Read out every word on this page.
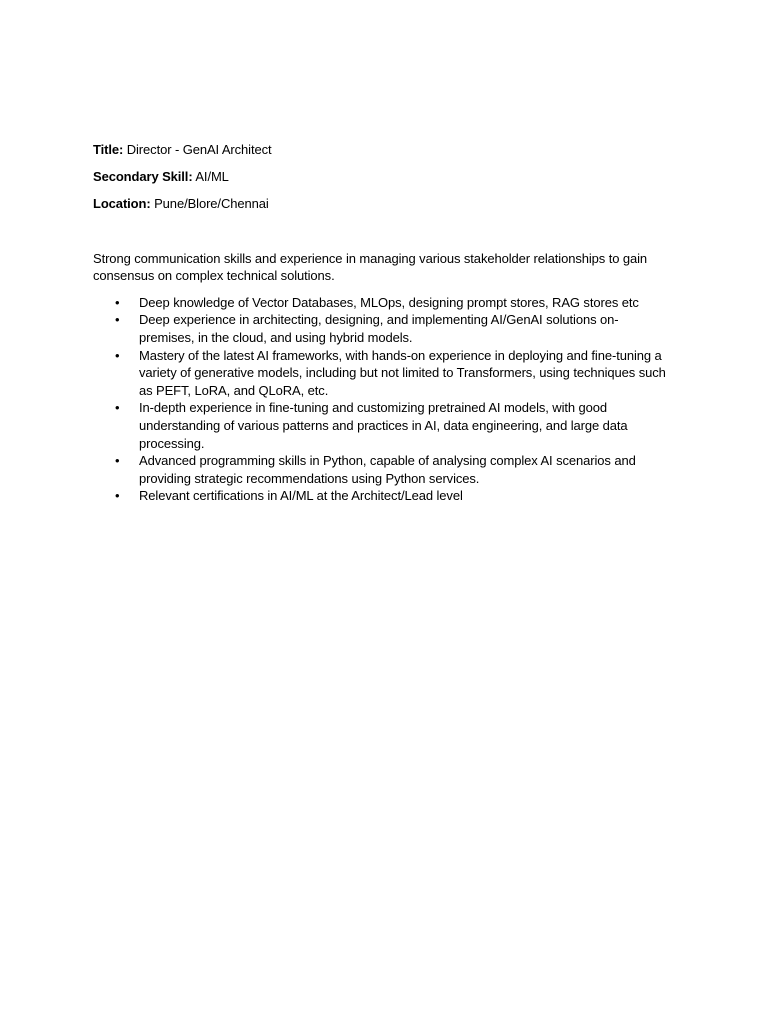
Title: Director - GenAI Architect

Secondary Skill: AI/ML

Location: Pune/Blore/Chennai

Strong communication skills and experience in managing various stakeholder relationships to gain consensus on complex technical solutions.

• Deep knowledge of Vector Databases, MLOps, designing prompt stores, RAG stores etc
• Deep experience in architecting, designing, and implementing AI/GenAI solutions on-premises, in the cloud, and using hybrid models.
• Mastery of the latest AI frameworks, with hands-on experience in deploying and fine-tuning a variety of generative models, including but not limited to Transformers, using techniques such as PEFT, LoRA, and QLoRA, etc.
• In-depth experience in fine-tuning and customizing pretrained AI models, with good understanding of various patterns and practices in AI, data engineering, and large data processing.
• Advanced programming skills in Python, capable of analysing complex AI scenarios and providing strategic recommendations using Python services.
• Relevant certifications in AI/ML at the Architect/Lead level
